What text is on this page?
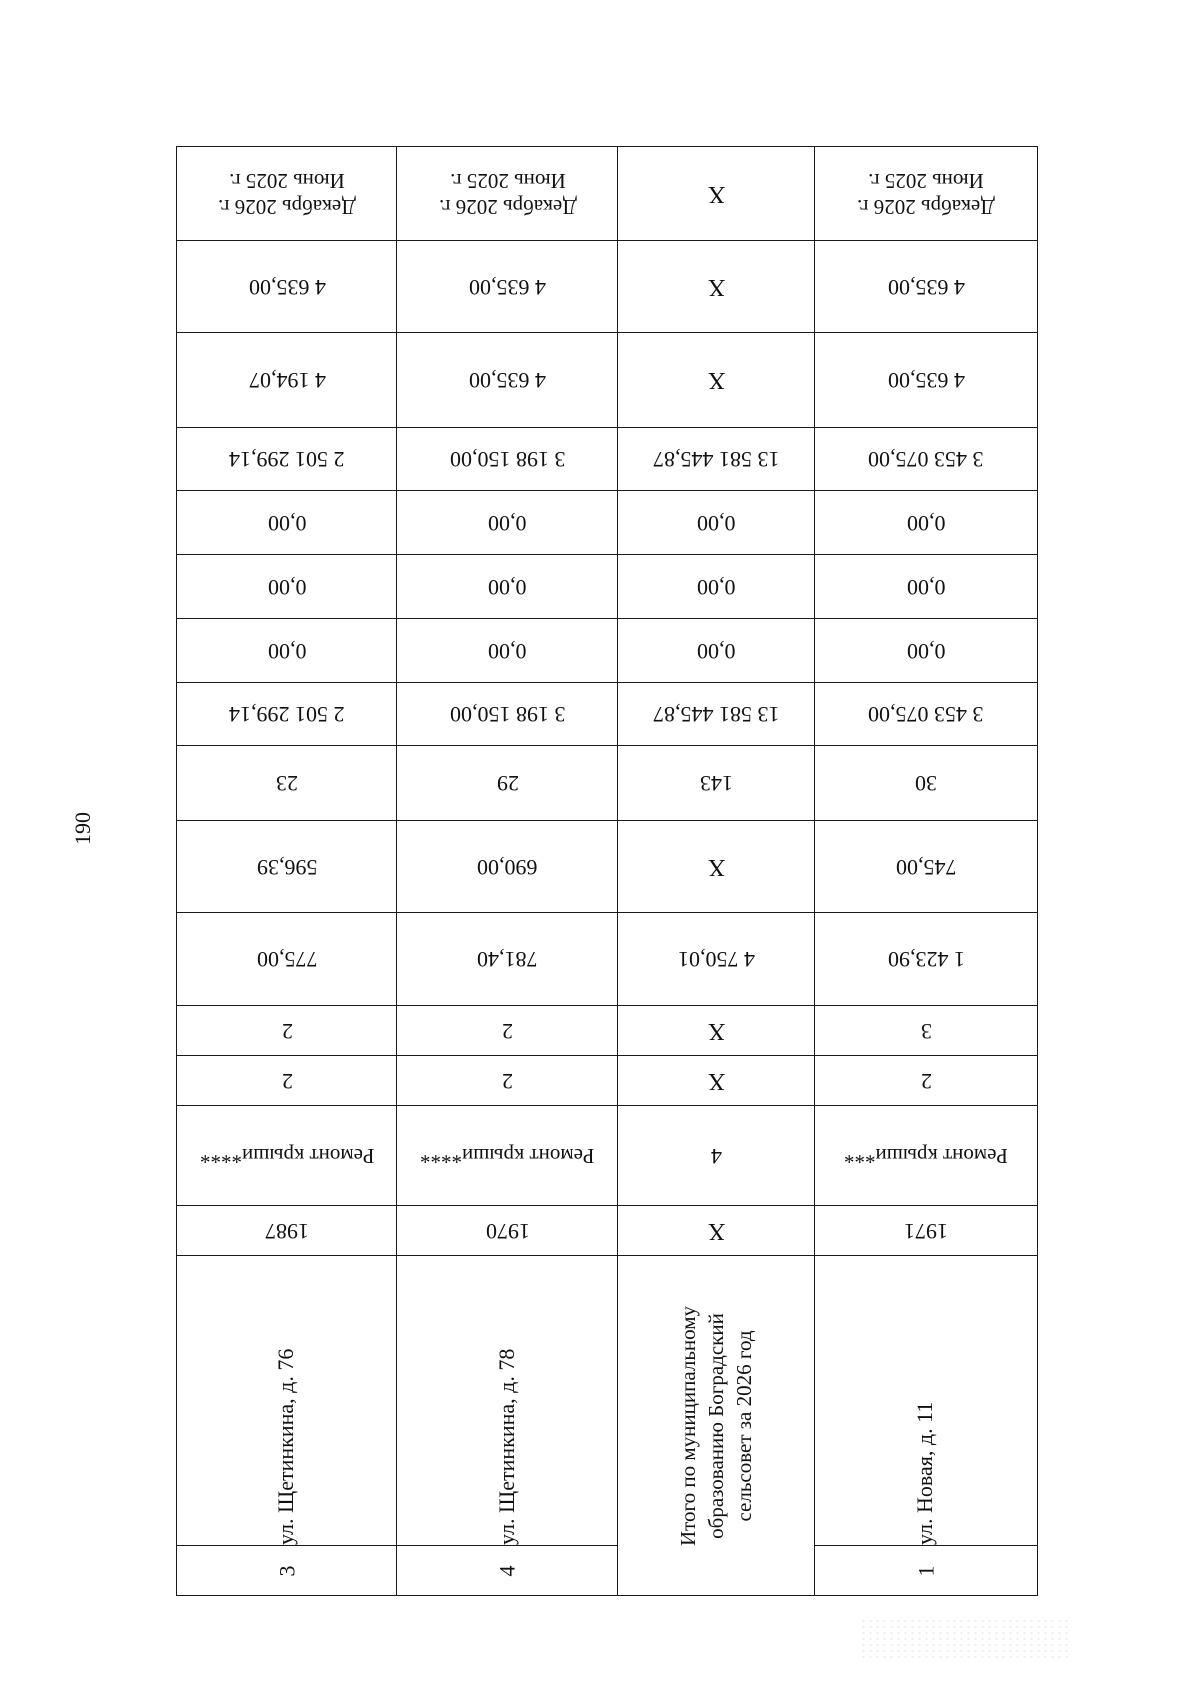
190
Декабрь 2026 г.
Июнь 2025 г.
4 635,00
4 194,07
2 501 299,14
0,00
0,00
0,00
2 501 299,14
23
596,39
775,00
2
2
Ремонт крыши****
1987
ул. Щетинкина, д. 76
3
Декабрь 2026 г.
Июнь 2025 г.
4 635,00
4 635,00
3 198 150,00
0,00
0,00
0,00
3 198 150,00
29
690,00
781,40
2
2
Ремонт крыши****
1970
ул. Щетинкина, д. 78
4
X
X
X
13 581 445,87
0,00
0,00
0,00
13 581 445,87
143
X
4 750,01
X
X
4
X
Итого по муниципальному образованию Боградский сельсовет за 2026 год
Декабрь 2026 г.
Июнь 2025 г.
4 635,00
4 635,00
3 453 075,00
0,00
0,00
0,00
3 453 075,00
30
745,00
1 423,90
3
2
Ремонт крыши***
1971
ул. Новая, д. 11
1
